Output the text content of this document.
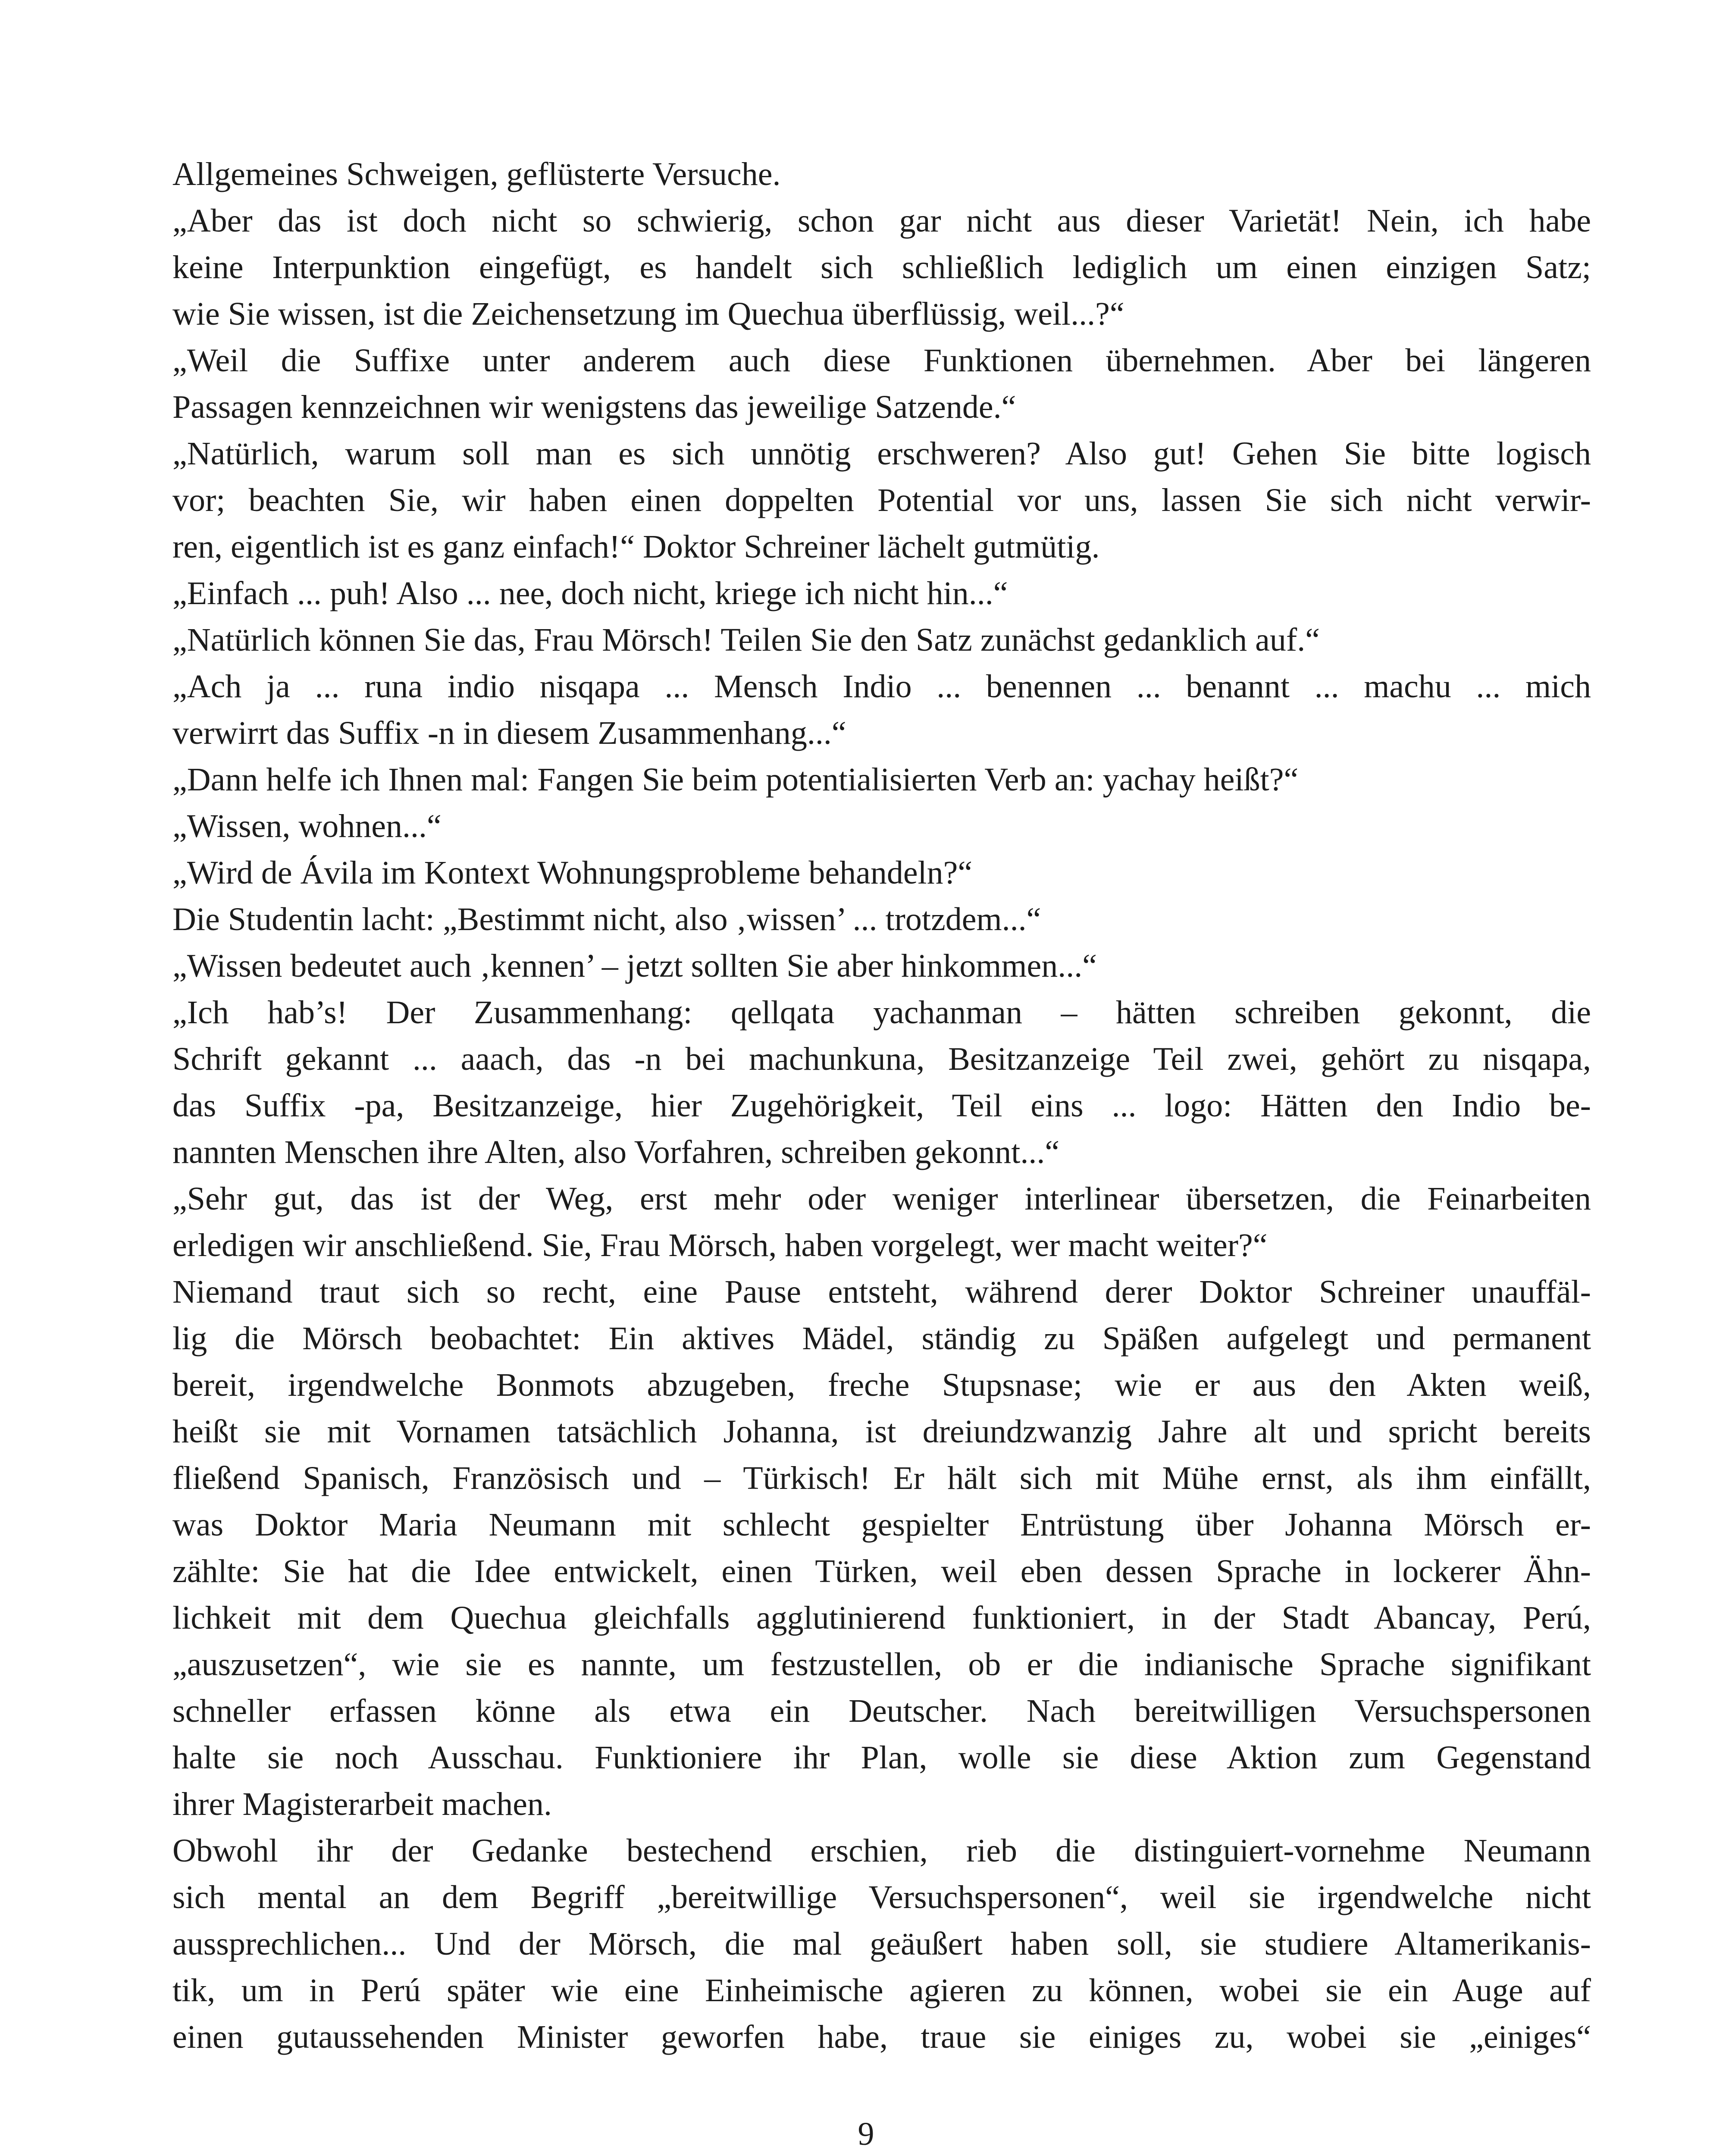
Allgemeines Schweigen, geflüsterte Versuche.
„Aber das ist doch nicht so schwierig, schon gar nicht aus dieser Varietät! Nein, ich habe
keine Interpunktion eingefügt, es handelt sich schließlich lediglich um einen einzigen Satz;
wie Sie wissen, ist die Zeichensetzung im Quechua überflüssig, weil...?“
„Weil die Suffixe unter anderem auch diese Funktionen übernehmen. Aber bei längeren
Passagen kennzeichnen wir wenigstens das jeweilige Satzende.“
„Natürlich, warum soll man es sich unnötig erschweren? Also gut! Gehen Sie bitte logisch
vor; beachten Sie, wir haben einen doppelten Potential vor uns, lassen Sie sich nicht verwir-
ren, eigentlich ist es ganz einfach!“ Doktor Schreiner lächelt gutmütig.
„Einfach ... puh! Also ... nee, doch nicht, kriege ich nicht hin...“
„Natürlich können Sie das, Frau Mörsch! Teilen Sie den Satz zunächst gedanklich auf.“
„Ach ja ... runa indio nisqapa ... Mensch Indio ... benennen ... benannt ... machu ... mich
verwirrt das Suffix -n in diesem Zusammenhang...“
„Dann helfe ich Ihnen mal: Fangen Sie beim potentialisierten Verb an: yachay heißt?“
„Wissen, wohnen...“
„Wird de Ávila im Kontext Wohnungsprobleme behandeln?“
Die Studentin lacht: „Bestimmt nicht, also ‚wissen’ ... trotzdem...“
„Wissen bedeutet auch ‚kennen’ – jetzt sollten Sie aber hinkommen...“
„Ich hab’s! Der Zusammenhang: qellqata yachanman – hätten schreiben gekonnt, die
Schrift gekannt ... aaach, das -n bei machunkuna, Besitzanzeige Teil zwei, gehört zu nisqapa,
das Suffix -pa, Besitzanzeige, hier Zugehörigkeit, Teil eins ... logo: Hätten den Indio be-
nannten Menschen ihre Alten, also Vorfahren, schreiben gekonnt...“
„Sehr gut, das ist der Weg, erst mehr oder weniger interlinear übersetzen, die Feinarbeiten
erledigen wir anschließend. Sie, Frau Mörsch, haben vorgelegt, wer macht weiter?“
Niemand traut sich so recht, eine Pause entsteht, während derer Doktor Schreiner unauffäl-
lig die Mörsch beobachtet: Ein aktives Mädel, ständig zu Späßen aufgelegt und permanent
bereit, irgendwelche Bonmots abzugeben, freche Stupsnase; wie er aus den Akten weiß,
heißt sie mit Vornamen tatsächlich Johanna, ist dreiundzwanzig Jahre alt und spricht bereits
fließend Spanisch, Französisch und – Türkisch! Er hält sich mit Mühe ernst, als ihm einfällt,
was Doktor Maria Neumann mit schlecht gespielter Entrüstung über Johanna Mörsch er-
zählte: Sie hat die Idee entwickelt, einen Türken, weil eben dessen Sprache in lockerer Ähn-
lichkeit mit dem Quechua gleichfalls agglutinierend funktioniert, in der Stadt Abancay, Perú,
„auszusetzen“, wie sie es nannte, um festzustellen, ob er die indianische Sprache signifikant
schneller erfassen könne als etwa ein Deutscher. Nach bereitwilligen Versuchspersonen
halte sie noch Ausschau. Funktioniere ihr Plan, wolle sie diese Aktion zum Gegenstand
ihrer Magisterarbeit machen.
Obwohl ihr der Gedanke bestechend erschien, rieb die distinguiert-vornehme Neumann
sich mental an dem Begriff „bereitwillige Versuchspersonen“, weil sie irgendwelche nicht
aussprechlichen... Und der Mörsch, die mal geäußert haben soll, sie studiere Altamerikanis-
tik, um in Perú später wie eine Einheimische agieren zu können, wobei sie ein Auge auf
einen gutaussehenden Minister geworfen habe, traue sie einiges zu, wobei sie „einiges“
9
